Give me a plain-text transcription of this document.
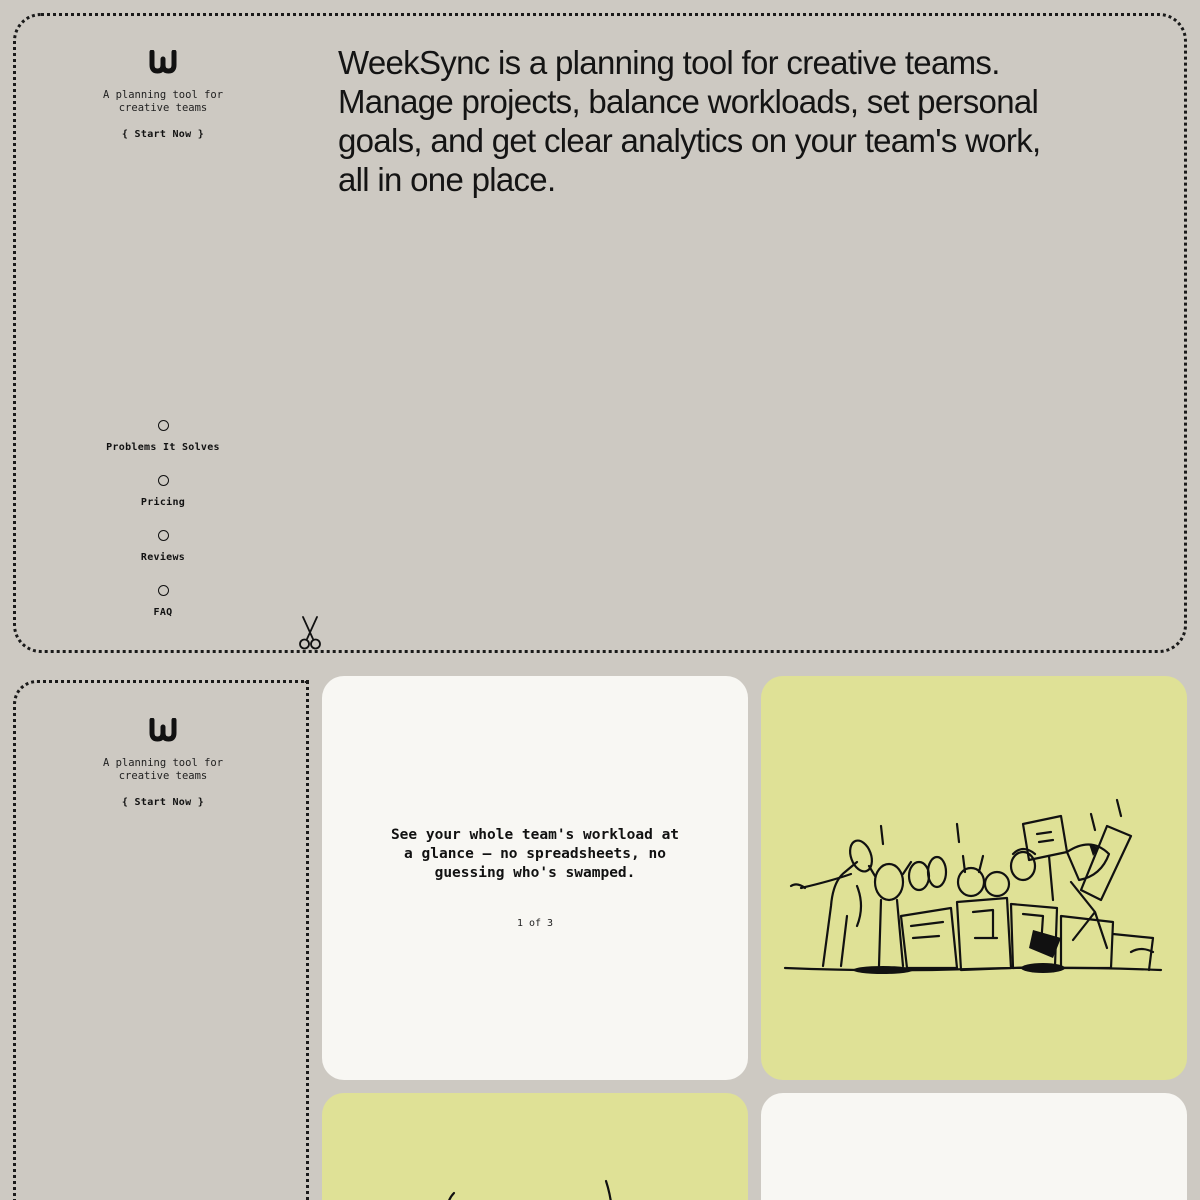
A planning tool for
creative teams
{ Start Now }
WeekSync is a planning tool for creative teams.
Manage projects, balance workloads, set personal
goals, and get clear analytics on your team's work,
all in one place.
Problems It Solves
Pricing
Reviews
FAQ
A planning tool for
creative teams
{ Start Now }
See your whole team's workload at
a glance — no spreadsheets, no
guessing who's swamped.
1 of 3
